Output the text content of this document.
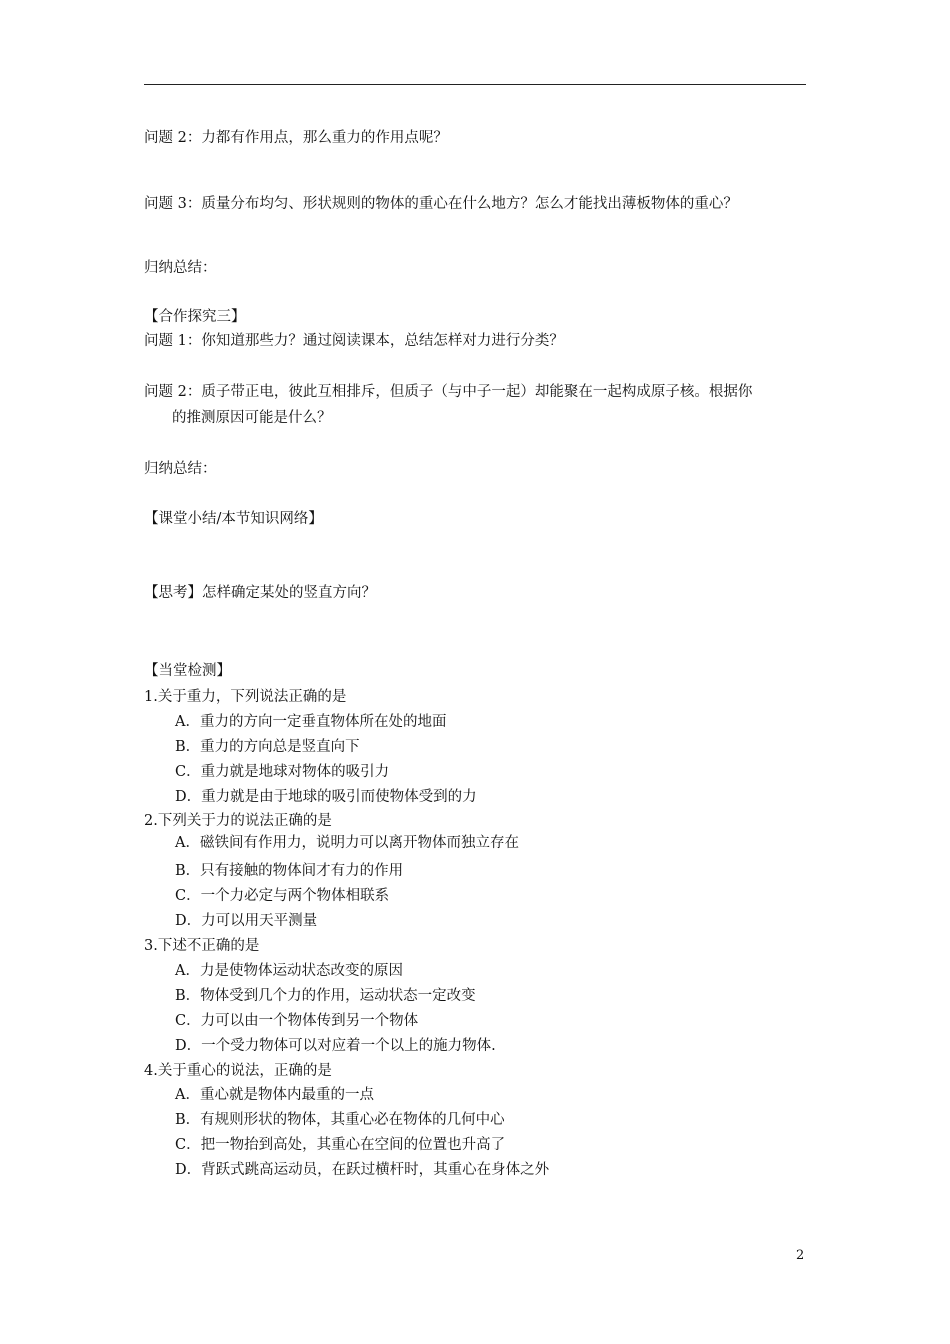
问题 2：力都有作用点，那么重力的作用点呢？
问题 3：质量分布均匀、形状规则的物体的重心在什么地方？怎么才能找出薄板物体的重心？
归纳总结：
【合作探究三】
问题 1：你知道那些力？通过阅读课本，总结怎样对力进行分类？
问题 2：质子带正电，彼此互相排斥，但质子（与中子一起）却能聚在一起构成原子核。根据你
的推测原因可能是什么？
归纳总结：
【课堂小结/本节知识网络】
【思考】怎样确定某处的竖直方向？
【当堂检测】
1.关于重力，下列说法正确的是
A．重力的方向一定垂直物体所在处的地面
B．重力的方向总是竖直向下
C．重力就是地球对物体的吸引力
D．重力就是由于地球的吸引而使物体受到的力
2.下列关于力的说法正确的是
A．磁铁间有作用力，说明力可以离开物体而独立存在
B．只有接触的物体间才有力的作用
C．一个力必定与两个物体相联系
D．力可以用天平测量
3.下述不正确的是
A．力是使物体运动状态改变的原因
B．物体受到几个力的作用，运动状态一定改变
C．力可以由一个物体传到另一个物体
D．一个受力物体可以对应着一个以上的施力物体.
4.关于重心的说法，正确的是
A．重心就是物体内最重的一点
B．有规则形状的物体，其重心必在物体的几何中心
C．把一物抬到高处，其重心在空间的位置也升高了
D．背跃式跳高运动员，在跃过横杆时，其重心在身体之外
2
